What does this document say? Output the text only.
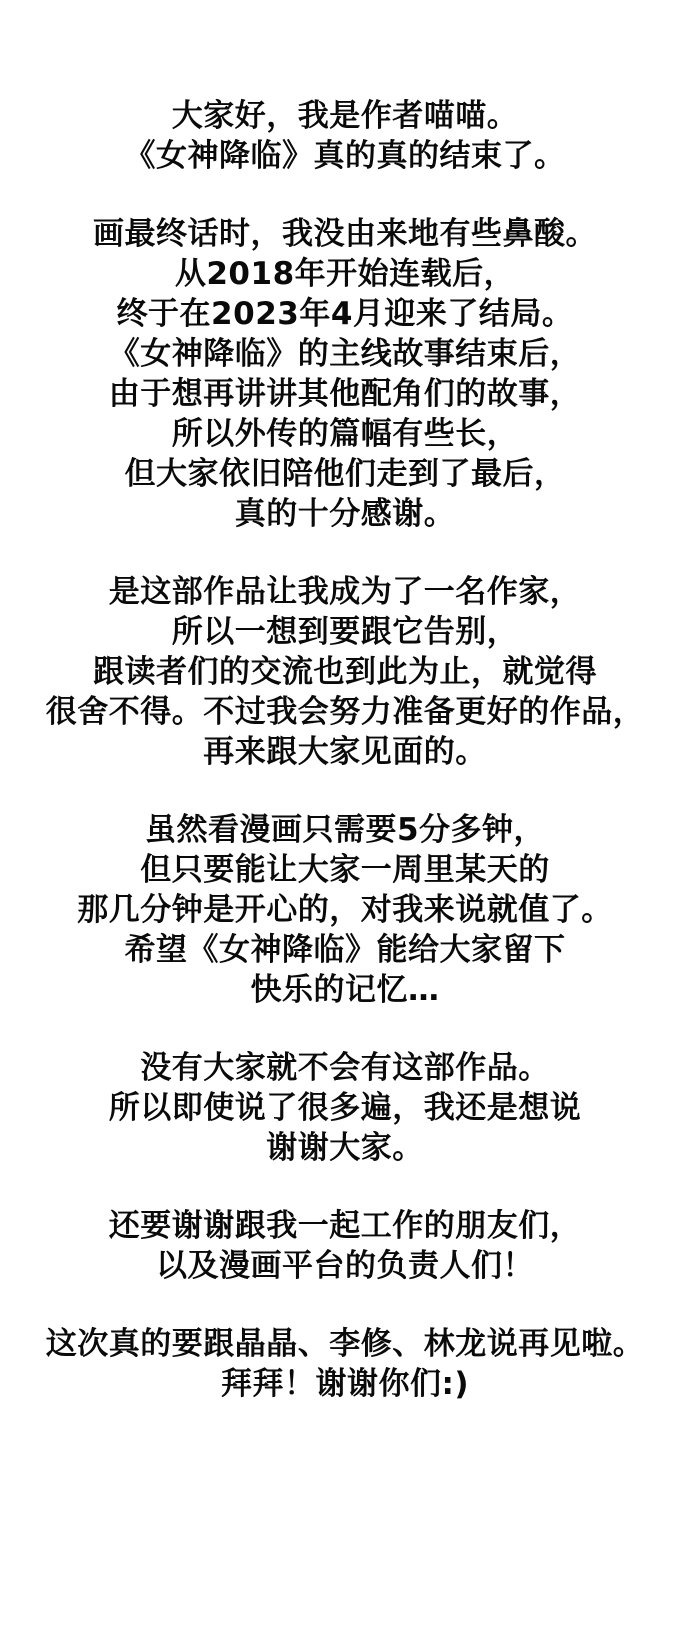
大家好，我是作者喵喵。
《女神降临》真的真的结束了。
画最终话时，我没由来地有些鼻酸。
从2018年开始连载后，
终于在2023年4月迎来了结局。
《女神降临》的主线故事结束后，
由于想再讲讲其他配角们的故事，
所以外传的篇幅有些长，
但大家依旧陪他们走到了最后，
真的十分感谢。
是这部作品让我成为了一名作家，
所以一想到要跟它告别，
跟读者们的交流也到此为止，就觉得
很舍不得。不过我会努力准备更好的作品，
再来跟大家见面的。
虽然看漫画只需要5分多钟，
但只要能让大家一周里某天的
那几分钟是开心的，对我来说就值了。
希望《女神降临》能给大家留下
快乐的记忆…
没有大家就不会有这部作品。
所以即使说了很多遍，我还是想说
谢谢大家。
还要谢谢跟我一起工作的朋友们，
以及漫画平台的负责人们！
这次真的要跟晶晶、李修、林龙说再见啦。
拜拜！谢谢你们:)
